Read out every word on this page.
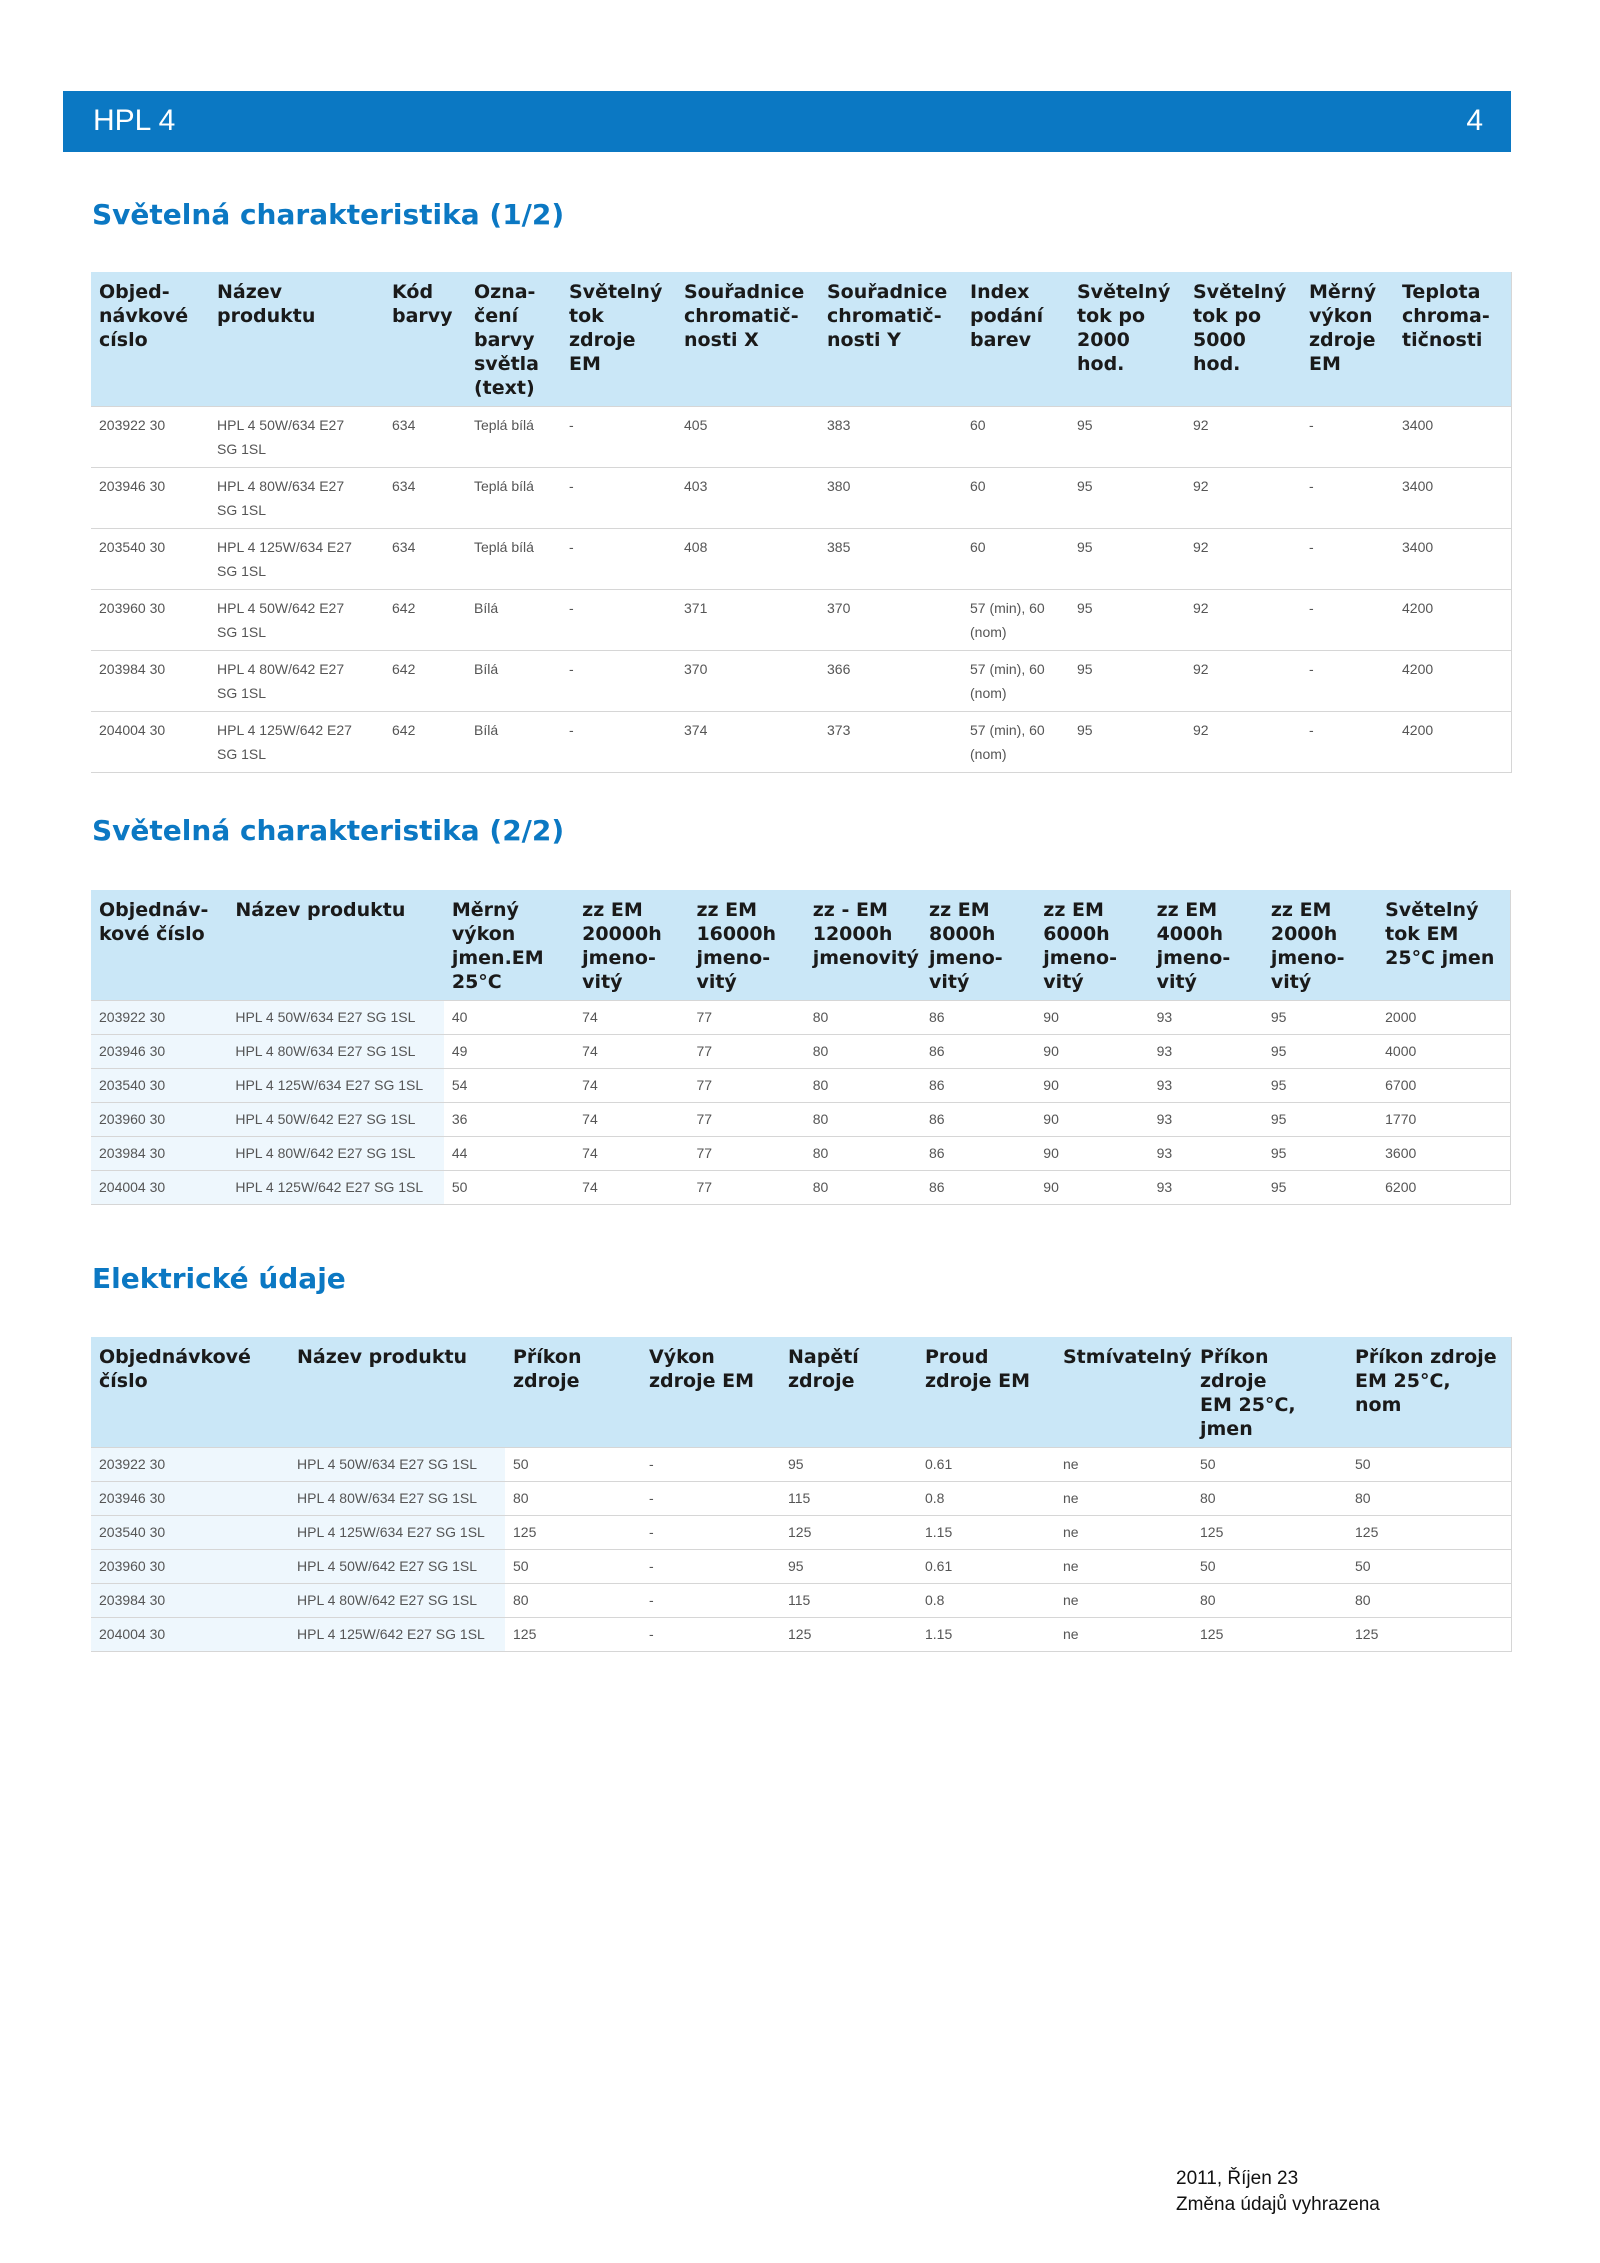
HPL 4	4
Světelná charakteristika (1/2)
Objed-
návkové
císlo	Název
produktu	Kód
barvy	Ozna-
čení
barvy
světla
(text)	Světelný
tok
zdroje
EM	Souřadnice
chromatič-
nosti X	Souřadnice
chromatič-
nosti Y	Index
podání
barev	Světelný
tok po
2000 hod.	Světelný
tok po
5000 hod.	Měrný
výkon
zdroje
EM	Teplota
chroma-
tičnosti
203922 30	HPL 4 50W/634 E27
SG 1SL	634	Teplá bílá	-	405	383	60	95	92	-	3400
203946 30	HPL 4 80W/634 E27
SG 1SL	634	Teplá bílá	-	403	380	60	95	92	-	3400
203540 30	HPL 4 125W/634 E27
SG 1SL	634	Teplá bílá	-	408	385	60	95	92	-	3400
203960 30	HPL 4 50W/642 E27
SG 1SL	642	Bílá	-	371	370	57 (min), 60
(nom)	95	92	-	4200
203984 30	HPL 4 80W/642 E27
SG 1SL	642	Bílá	-	370	366	57 (min), 60
(nom)	95	92	-	4200
204004 30	HPL 4 125W/642 E27
SG 1SL	642	Bílá	-	374	373	57 (min), 60
(nom)	95	92	-	4200
Světelná charakteristika (2/2)
Objednáv-
kové číslo	Název produktu	Měrný
výkon
jmen.EM
25°C	zz EM
20000h
jmeno-
vitý	zz EM
16000h
jmeno-
vitý	zz - EM
12000h
jmenovitý	zz EM
8000h
jmeno-
vitý	zz EM
6000h
jmeno-
vitý	zz EM
4000h
jmeno-
vitý	zz EM
2000h
jmeno-
vitý	Světelný
tok EM
25°C jmen
203922 30	HPL 4 50W/634 E27 SG 1SL	40	74	77	80	86	90	93	95	2000
203946 30	HPL 4 80W/634 E27 SG 1SL	49	74	77	80	86	90	93	95	4000
203540 30	HPL 4 125W/634 E27 SG 1SL	54	74	77	80	86	90	93	95	6700
203960 30	HPL 4 50W/642 E27 SG 1SL	36	74	77	80	86	90	93	95	1770
203984 30	HPL 4 80W/642 E27 SG 1SL	44	74	77	80	86	90	93	95	3600
204004 30	HPL 4 125W/642 E27 SG 1SL	50	74	77	80	86	90	93	95	6200
Elektrické údaje
Objednávkové
číslo	Název produktu	Příkon
zdroje	Výkon
zdroje EM	Napětí
zdroje	Proud
zdroje EM	Stmívatelný	Příkon zdroje
EM 25°C,
jmen	Příkon zdroje
EM 25°C,
nom
203922 30	HPL 4 50W/634 E27 SG 1SL	50	-	95	0.61	ne	50	50
203946 30	HPL 4 80W/634 E27 SG 1SL	80	-	115	0.8	ne	80	80
203540 30	HPL 4 125W/634 E27 SG 1SL	125	-	125	1.15	ne	125	125
203960 30	HPL 4 50W/642 E27 SG 1SL	50	-	95	0.61	ne	50	50
203984 30	HPL 4 80W/642 E27 SG 1SL	80	-	115	0.8	ne	80	80
204004 30	HPL 4 125W/642 E27 SG 1SL	125	-	125	1.15	ne	125	125
2011, Říjen 23
Změna údajů vyhrazena
